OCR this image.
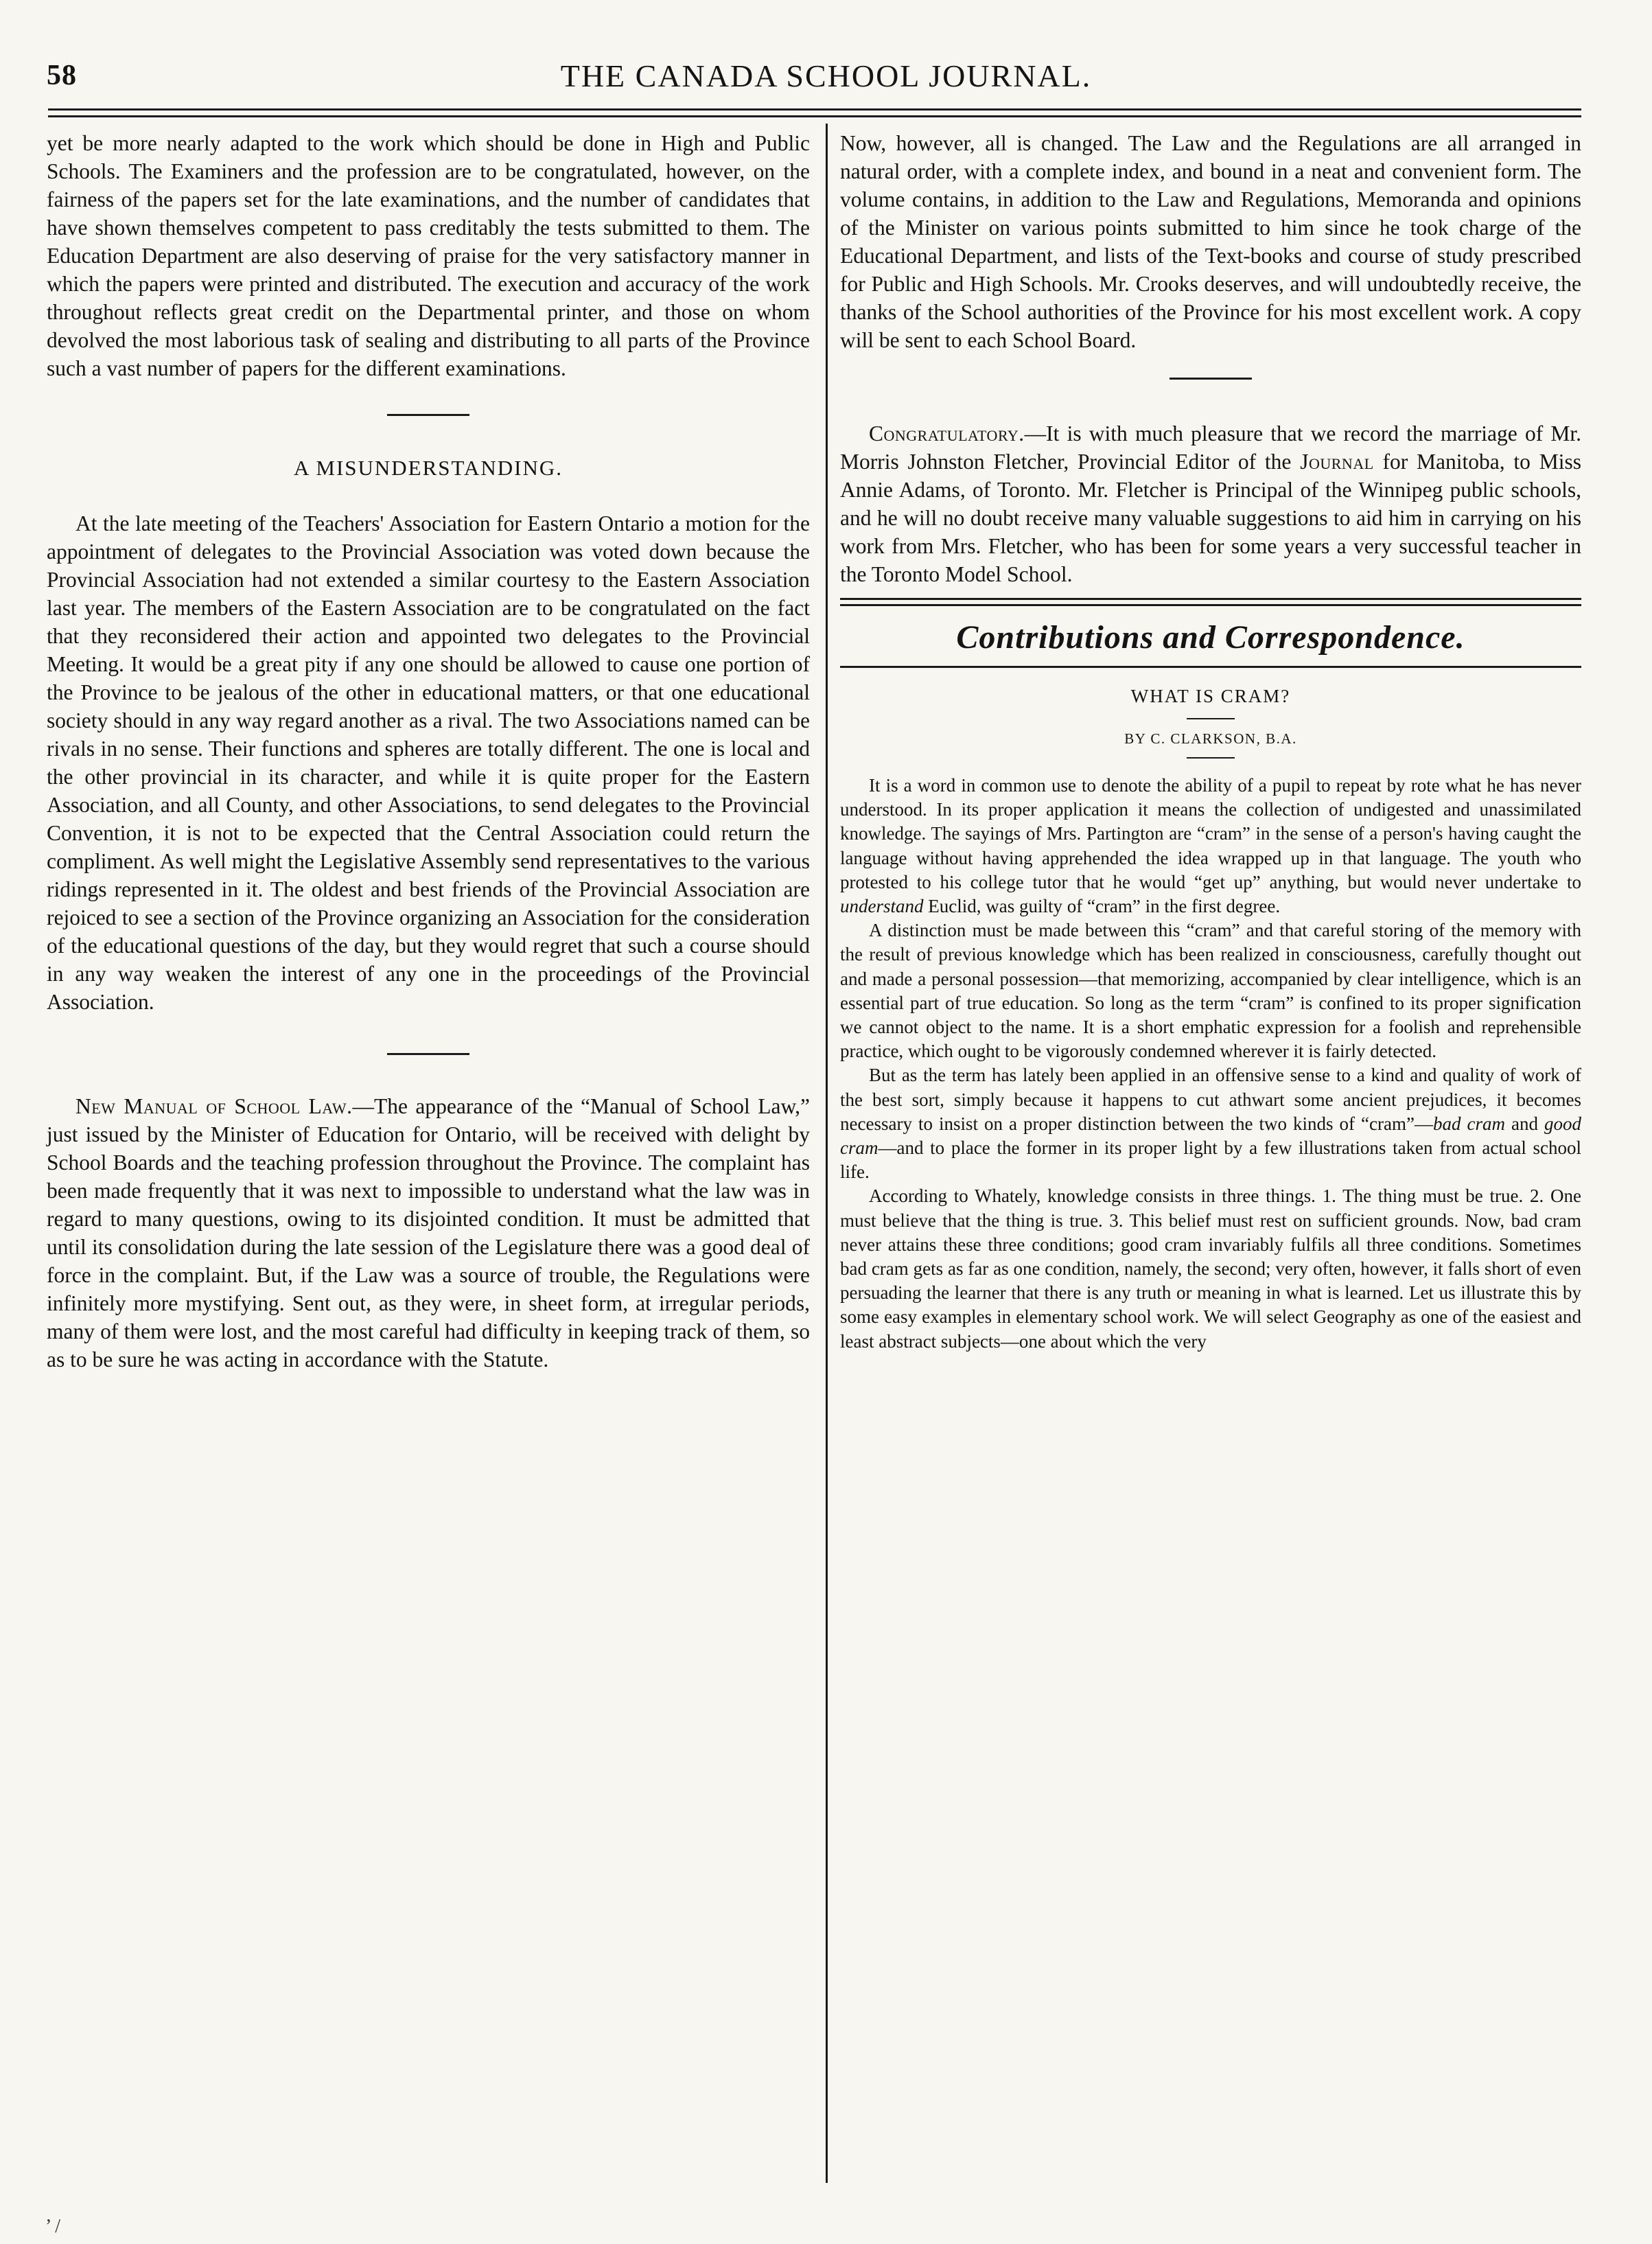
58	THE CANADA SCHOOL JOURNAL.

yet be more nearly adapted to the work which should be done in High and Public Schools. The Examiners and the profession are to be congratulated, however, on the fairness of the papers set for the late examinations, and the number of candidates that have shown themselves competent to pass creditably the tests submitted to them. The Education Department are also deserving of praise for the very satisfactory manner in which the papers were printed and distributed. The execution and accuracy of the work throughout reflects great credit on the Departmental printer, and those on whom devolved the most laborious task of sealing and distributing to all parts of the Province such a vast number of papers for the different examinations.

A MISUNDERSTANDING.

At the late meeting of the Teachers' Association for Eastern Ontario a motion for the appointment of delegates to the Provincial Association was voted down because the Provincial Association had not extended a similar courtesy to the Eastern Association last year. The members of the Eastern Association are to be congratulated on the fact that they reconsidered their action and appointed two delegates to the Provincial Meeting. It would be a great pity if any one should be allowed to cause one portion of the Province to be jealous of the other in educational matters, or that one educational society should in any way regard another as a rival. The two Associations named can be rivals in no sense. Their functions and spheres are totally different. The one is local and the other provincial in its character, and while it is quite proper for the Eastern Association, and all County, and other Associations, to send delegates to the Provincial Convention, it is not to be expected that the Central Association could return the compliment. As well might the Legislative Assembly send representatives to the various ridings represented in it. The oldest and best friends of the Provincial Association are rejoiced to see a section of the Province organizing an Association for the consideration of the educational questions of the day, but they would regret that such a course should in any way weaken the interest of any one in the proceedings of the Provincial Association.

New Manual of School Law.—The appearance of the “Manual of School Law,” just issued by the Minister of Education for Ontario, will be received with delight by School Boards and the teaching profession throughout the Province. The complaint has been made frequently that it was next to impossible to understand what the law was in regard to many questions, owing to its disjointed condition. It must be admitted that until its consolidation during the late session of the Legislature there was a good deal of force in the complaint. But, if the Law was a source of trouble, the Regulations were infinitely more mystifying. Sent out, as they were, in sheet form, at irregular periods, many of them were lost, and the most careful had difficulty in keeping track of them, so as to be sure he was acting in accordance with the Statute.

Now, however, all is changed. The Law and the Regulations are all arranged in natural order, with a complete index, and bound in a neat and convenient form. The volume contains, in addition to the Law and Regulations, Memoranda and opinions of the Minister on various points submitted to him since he took charge of the Educational Department, and lists of the Text-books and course of study prescribed for Public and High Schools. Mr. Crooks deserves, and will undoubtedly receive, the thanks of the School authorities of the Province for his most excellent work. A copy will be sent to each School Board.

Congratulatory.—It is with much pleasure that we record the marriage of Mr. Morris Johnston Fletcher, Provincial Editor of the Journal for Manitoba, to Miss Annie Adams, of Toronto. Mr. Fletcher is Principal of the Winnipeg public schools, and he will no doubt receive many valuable suggestions to aid him in carrying on his work from Mrs. Fletcher, who has been for some years a very successful teacher in the Toronto Model School.

Contributions and Correspondence.

WHAT IS CRAM?

BY C. CLARKSON, B.A.

It is a word in common use to denote the ability of a pupil to repeat by rote what he has never understood. In its proper application it means the collection of undigested and unassimilated knowledge. The sayings of Mrs. Partington are “cram” in the sense of a person's having caught the language without having apprehended the idea wrapped up in that language. The youth who protested to his college tutor that he would “get up” anything, but would never undertake to understand Euclid, was guilty of “cram” in the first degree.

A distinction must be made between this “cram” and that careful storing of the memory with the result of previous knowledge which has been realized in consciousness, carefully thought out and made a personal possession—that memorizing, accompanied by clear intelligence, which is an essential part of true education. So long as the term “cram” is confined to its proper signification we cannot object to the name. It is a short emphatic expression for a foolish and reprehensible practice, which ought to be vigorously condemned wherever it is fairly detected.

But as the term has lately been applied in an offensive sense to a kind and quality of work of the best sort, simply because it happens to cut athwart some ancient prejudices, it becomes necessary to insist on a proper distinction between the two kinds of “cram”—bad cram and good cram—and to place the former in its proper light by a few illustrations taken from actual school life.

According to Whately, knowledge consists in three things. 1. The thing must be true. 2. One must believe that the thing is true. 3. This belief must rest on sufficient grounds. Now, bad cram never attains these three conditions; good cram invariably fulfils all three conditions. Sometimes bad cram gets as far as one condition, namely, the second; very often, however, it falls short of even persuading the learner that there is any truth or meaning in what is learned. Let us illustrate this by some easy examples in elementary school work. We will select Geography as one of the easiest and least abstract subjects—one about which the very

’ /
